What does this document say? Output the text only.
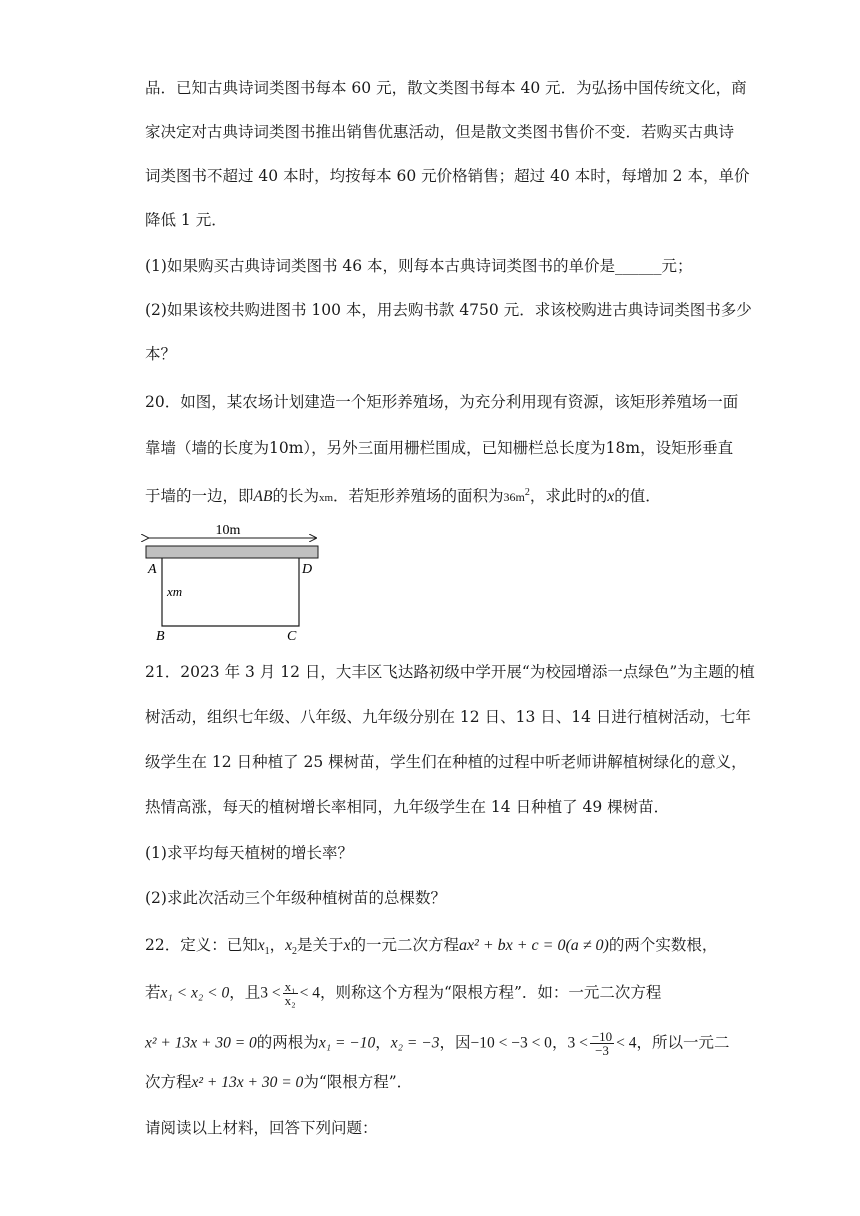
品．已知古典诗词类图书每本 60 元，散文类图书每本 40 元．为弘扬中国传统文化，商
家决定对古典诗词类图书推出销售优惠活动，但是散文类图书售价不变．若购买古典诗
词类图书不超过 40 本时，均按每本 60 元价格销售；超过 40 本时，每增加 2 本，单价
降低 1 元．
(1)如果购买古典诗词类图书 46 本，则每本古典诗词类图书的单价是______元；
(2)如果该校共购进图书 100 本，用去购书款 4750 元．求该校购进古典诗词类图书多少
本？
20．如图，某农场计划建造一个矩形养殖场，为充分利用现有资源，该矩形养殖场一面
靠墙（墙的长度为10m），另外三面用栅栏围成，已知栅栏总长度为18m，设矩形垂直
于墙的一边，即AB的长为xm．若矩形养殖场的面积为$36m^2$，求此时的x的值．
10m
A	D
B	C
xm
21．2023 年 3 月 12 日，大丰区飞达路初级中学开展“为校园增添一点绿色”为主题的植
树活动，组织七年级、八年级、九年级分别在 12 日、13 日、14 日进行植树活动，七年
级学生在 12 日种植了 25 棵树苗，学生们在种植的过程中听老师讲解植树绿化的意义，
热情高涨，每天的植树增长率相同，九年级学生在 14 日种植了 49 棵树苗．
(1)求平均每天植树的增长率？
(2)求此次活动三个年级种植树苗的总棵数？
22．定义：已知$x_1$，$x_2$是关于x的一元二次方程ax² + bx + c = 0(a ≠ 0)的两个实数根，
若x₁ < x₂ < 0，且$3 < \frac{\text{x₁}}{\text{x₂}} < 4$，则称这个方程为“限根方程”．如：一元二次方程
x² + 13x + 30 = 0的两根为x₁ = −10，x₂ = −3，因−10 < −3 < 0，$3 < \frac{-10}{-3} < 4$，所以一元二
次方程x² + 13x + 30 = 0为“限根方程”．
请阅读以上材料，回答下列问题：
